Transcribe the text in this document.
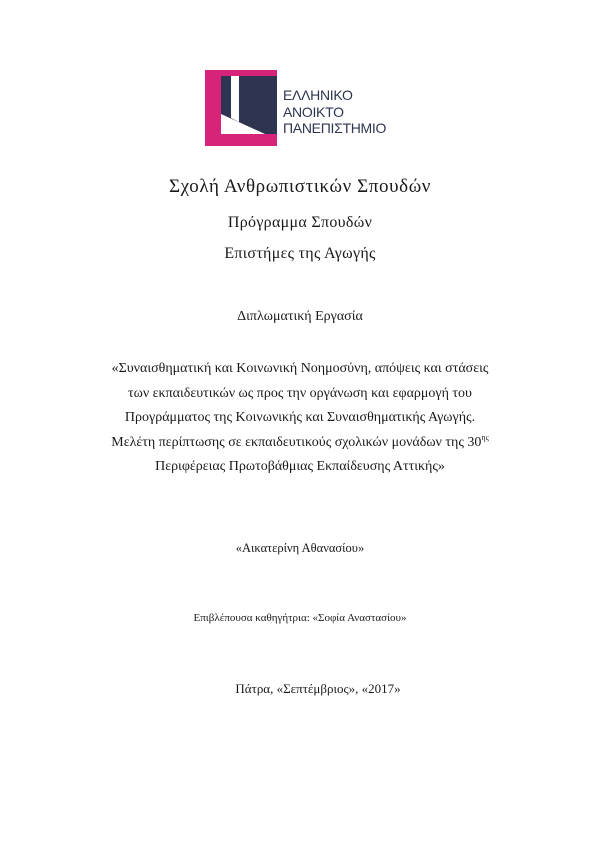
ΕΛΛΗΝΙΚΟ
ΑΝΟΙΚΤΟ
ΠΑΝΕΠΙΣΤΗΜΙΟ
Σχολή Ανθρωπιστικών Σπουδών
Πρόγραμμα Σπουδών
Επιστήμες της Αγωγής
Διπλωματική Εργασία
«Συναισθηματική και Κοινωνική Νοημοσύνη, απόψεις και στάσεις
των εκπαιδευτικών ως προς την οργάνωση και εφαρμογή του
Προγράμματος της Κοινωνικής και Συναισθηματικής Αγωγής.
Μελέτη περίπτωσης σε εκπαιδευτικούς σχολικών μονάδων της $30^{\eta\varsigma}$
Περιφέρειας Πρωτοβάθμιας Εκπαίδευσης Αττικής»
«Αικατερίνη Αθανασίου»
Επιβλέπουσα καθηγήτρια: «Σοφία Αναστασίου»
Πάτρα, «Σεπτέμβριος», «2017»
